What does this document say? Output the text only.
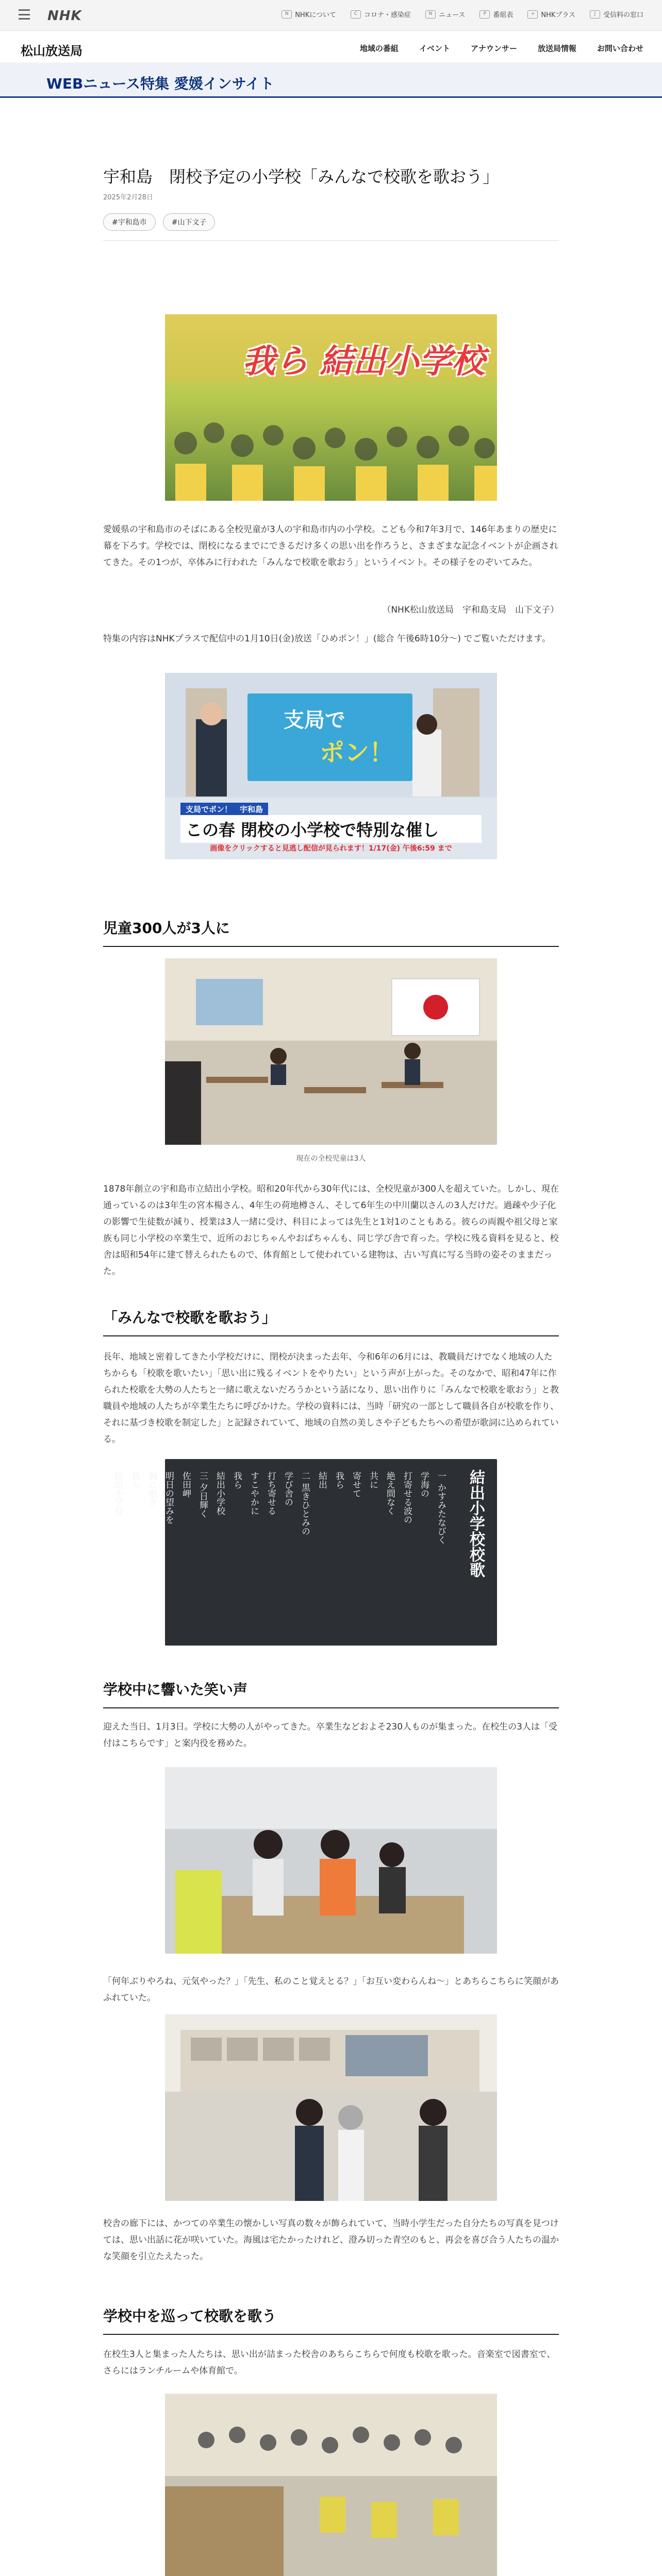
NHK	N NHKについて	C コロナ・感染症	N ニュース	P	番組表	+ NHKプラス	J	受信料の窓口
松山放送局	地域の番組	イベント	アナウンサー	放送局情報	お問い合わせ
WEBニュース特集 愛媛インサイト
宇和島　閉校予定の小学校「みんなで校歌を歌おう」
2025年2月28日
#宇和島市	#山下文子
我ら 結出小学校

愛媛県の宇和島市のそばにある全校児童が3人の宇和島市内の小学校。こども今和7年3月で、146年あまりの歴史に幕を下ろす。学校では、閉校になるまでにできるだけ多くの思い出を作ろうと、さまざまな記念イベントが企画されてきた。その1つが、卒体みに行われた「みんなで校歌を歌おう」というイベント。その様子をのぞいてみた。

（NHK松山放送局　宇和島支局　山下文子）

特集の内容はNHKプラスで配信中の1月10日(金)放送「ひめポン！」(総合 午後6時10分～) でご覧いただけます。

支局で
ポン！
支局でポン！　宇和島
この春 閉校の小学校で特別な催し
画像をクリックすると見逃し配信が見られます！1/17(金) 午後6:59 まで
児童300人が3人に
現在の全校児童は3人

1878年創立の宇和島市立結出小学校。昭和20年代から30年代には、全校児童が300人を超えていた。しかし、現在通っているのは3年生の宮本楊さん、4年生の荷地樽さん、そして6年生の中川蘭以さんの3人だけだ。過疎や少子化の影響で生徒数が減り、授業は3人一緒に受け、科目によっては先生と1対1のこともある。彼らの両親や祖父母と家族も同じ小学校の卒業生で、近所のおじちゃんやおばちゃんも、同じ学び舎で育った。学校に残る資料を見ると、校舎は昭和54年に建て替えられたもので、体育館として使われている建物は、古い写真に写る当時の姿そのままだった。

「みんなで校歌を歌おう」

長年、地域と密着してきた小学校だけに、閉校が決まった去年、今和6年の6月には、教職員だけでなく地域の人たちからも「校歌を歌いたい」「思い出に残るイベントをやりたい」という声が上がった。そのなかで、昭和47年に作られた校歌を大勢の人たちと一緒に歌えないだろうかという話になり、思い出作りに「みんなで校歌を歌おう」と教職員や地域の人たちが卒業生たちに呼びかけた。学校の資料には、当時「研究の一部として職員各自が校歌を作り、それに基づき校歌を制定した」と記録されていて、地域の自然の美しさや子どもたちへの希望が歌詞に込められている。

結出小学校校歌
一 かすみたなびく
学海の
打寄せる波の
絶え間なく
共に
寄せて
我ら
結出
二 黒きひとみの
学び舎の
打ち寄せる
すこやかに
我ら
結出小学校
三 夕日輝く
佐田岬
明日の望みを
胸に抱き
我ら
結出小学校
学校中に響いた笑い声

迎えた当日、1月3日。学校に大勢の人がやってきた。卒業生などおよそ230人ものが集まった。在校生の3人は「受付はこちらです」と案内役を務めた。

「何年ぶりやろね、元気やった？」「先生、私のこと覚えとる？」「お互い変わらんね～」とあちらこちらに笑顔があふれていた。

校舎の廊下には、かつての卒業生の懐かしい写真の数々が飾られていて、当時小学生だった自分たちの写真を見つけては、思い出話に花が咲いていた。海風は宅たかったけれど、澄み切った青空のもと、再会を喜び合う人たちの温かな笑顔を引立たえたった。

学校中を巡って校歌を歌う

在校生3人と集まった人たちは、思い出が詰まった校舎のあちらこちらで何度も校歌を歌った。音楽室で図書室で、さらにはランチルームや体育館で。
